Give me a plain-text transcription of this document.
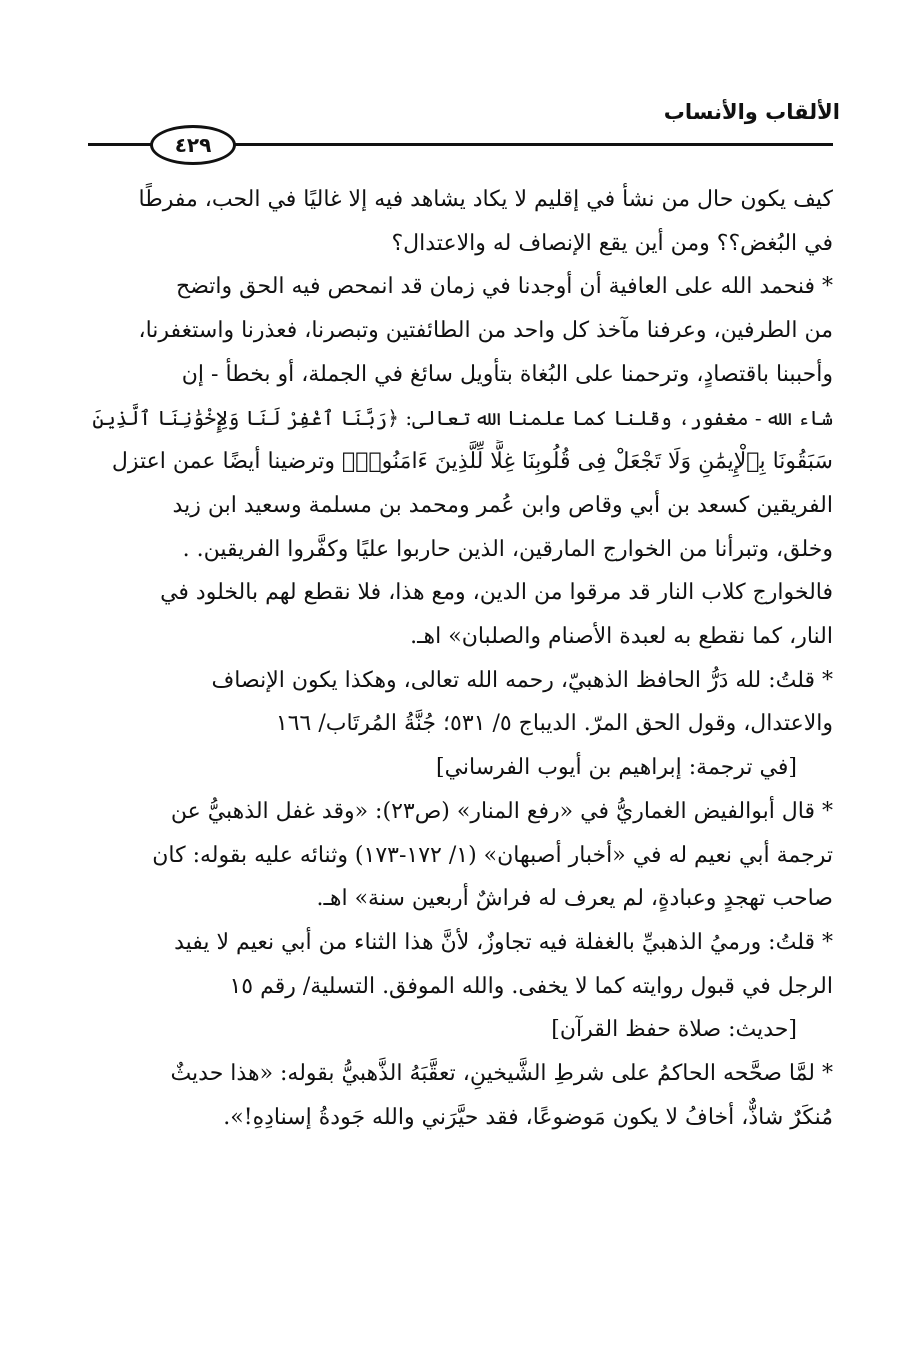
الألقاب والأنساب
٤٢٩
كيف يكون حال من نشأ في إقليم لا يكاد يشاهد فيه إلا غاليًا في الحب، مفرطًا
في البُغض؟؟ ومن أين يقع الإنصاف له والاعتدال؟
* فنحمد الله على العافية أن أوجدنا في زمان قد انمحص فيه الحق واتضح
من الطرفين، وعرفنا مآخذ كل واحد من الطائفتين وتبصرنا، فعذرنا واستغفرنا،
وأحببنا باقتصادٍ، وترحمنا على البُغاة بتأويل سائغ في الجملة، أو بخطأ - إن
شاء الله - مغفور، وقلنا كما علمنا الله تعالى: ﴿رَبَّنَا ٱغْفِرْ لَنَا وَلِإِخْوَٰنِنَا ٱلَّذِينَ
سَبَقُونَا بِٱلْإِيمَٰنِ وَلَا تَجْعَلْ فِى قُلُوبِنَا غِلًّا لِّلَّذِينَ ءَامَنُوا۟﴾ وترضينا أيضًا عمن اعتزل
الفريقين كسعد بن أبي وقاص وابن عُمر ومحمد بن مسلمة وسعيد ابن زيد
وخلق، وتبرأنا من الخوارج المارقين، الذين حاربوا عليًا وكفَّروا الفريقين. .
فالخوارج كلاب النار قد مرقوا من الدين، ومع هذا، فلا نقطع لهم بالخلود في
النار، كما نقطع به لعبدة الأصنام والصلبان» اهـ.
* قلتُ: لله دَرُّ الحافظ الذهبيّ، رحمه الله تعالى، وهكذا يكون الإنصاف
والاعتدال، وقول الحق المرّ. الديباج ٥/ ٥٣١؛ جُنَّةُ المُرتَاب/ ١٦٦
[في ترجمة: إبراهيم بن أيوب الفرساني]
* قال أبوالفيض الغماريُّ في «رفع المنار» (ص٢٣): «وقد غفل الذهبيُّ عن
ترجمة أبي نعيم له في «أخبار أصبهان» (١/ ١٧٢-١٧٣) وثنائه عليه بقوله: كان
صاحب تهجدٍ وعبادةٍ، لم يعرف له فراشٌ أربعين سنة» اهـ.
* قلتُ: ورميُ الذهبيِّ بالغفلة فيه تجاوزٌ، لأنَّ هذا الثناء من أبي نعيم لا يفيد
الرجل في قبول روايته كما لا يخفى. والله الموفق. التسلية/ رقم ١٥
[حديث: صلاة حفظ القرآن]
* لمَّا صحَّحه الحاكمُ على شرطِ الشَّيخينِ، تعقَّبَهُ الذَّهبيُّ بقوله: «هذا حديثٌ
مُنكَرٌ شاذٌّ، أخافُ لا يكون مَوضوعًا، فقد حيَّرَني والله جَودةُ إسنادِهِ!».
